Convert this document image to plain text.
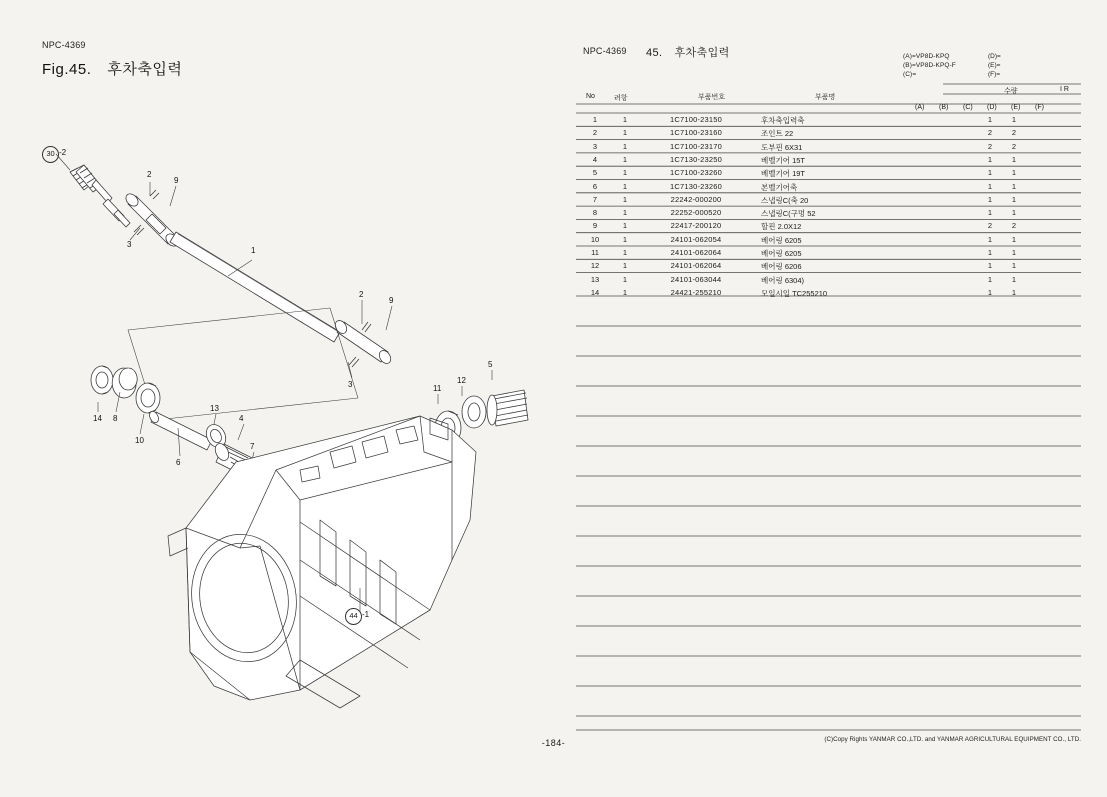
NPC-4369
Fig.45. 후차축입력
30 -2
44 -1
1
2
2
3
3
9
9
14 8
10
6
13
4
7
11
12
5
NPC-4369 45. 후차축입력	(A)=VP8D-KPQ
(B)=VP8D-KPQ-F
(C)=
(D)=
(E)=
(F)=
No	려항	부품번호	부품명
수량	I R
(A) (B) (C) (D) (E) (F)
1	1	1C7100-23150	후차축입력축	1	1
2	1	1C7100-23160	조인트 22	2	2
3	1	1C7100-23170	도부핀 6X31	2	2
4	1	1C7130-23250	베벨기어 15T	1	1
5	1	1C7100-23260	베벨기어 19T	1	1
6	1	1C7130-23260	본벨기어축	1	1
7	1	22242-000200	스냅링C(축 20	1	1
8	1	22252-000520	스냅링C(구멍 52	1	1
9	1	22417-200120	할핀 2.0X12	2	2
10	1	24101-062054	베어링 6205	1	1
11	1	24101-062064	베어링 6205	1	1
12	1	24101-062064	베어링 6206	1	1
13	1	24101-063044	베어링 6304)	1	1
14	1	24421-255210	모일시일 TC255210	1	1
-184-	(C)Copy Rights YANMAR CO.,LTD. and YANMAR AGRICULTURAL EQUIPMENT CO., LTD.
